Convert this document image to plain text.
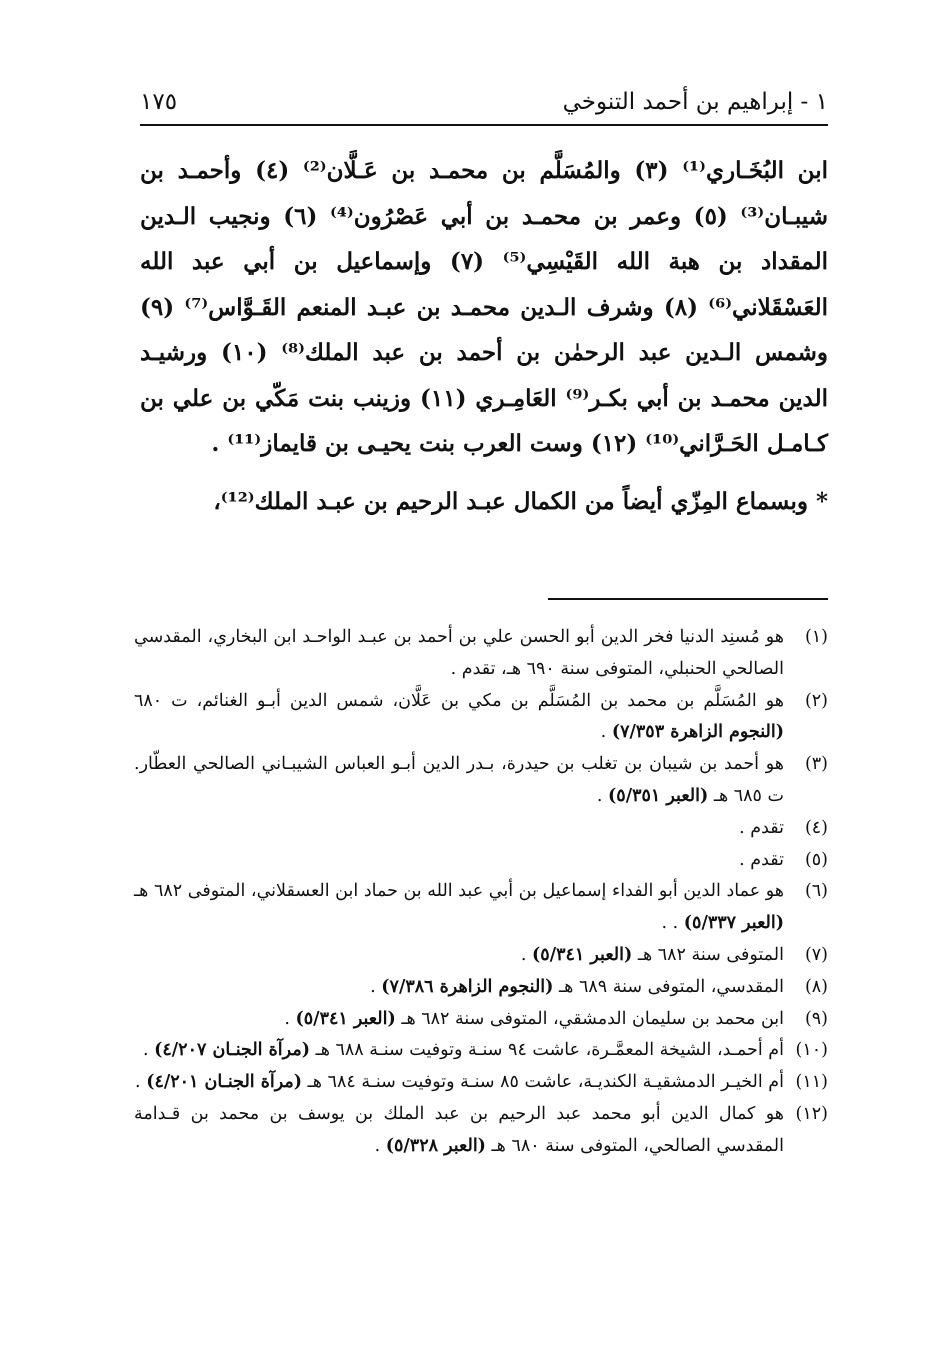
١ - إبراهيم بن أحمد التنوخي
١٧٥

ابن البُخَـاري⁽¹⁾ (٣) والمُسَلَّم بن محمـد بن عَـلَّان⁽²⁾ (٤) وأحمـد بن شيبـان⁽³⁾ (٥) وعمر بن محمـد بن أبي عَصْرُون⁽⁴⁾ (٦) ونجيب الـدين المقداد بن هبة الله القَيْسِي⁽⁵⁾ (٧) وإسماعيل بن أبي عبد الله العَسْقَلاني⁽⁶⁾ (٨) وشرف الـدين محمـد بن عبـد المنعم القَـوَّاس⁽⁷⁾ (٩) وشمس الـدين عبد الرحمٰن بن أحمد بن عبد الملك⁽⁸⁾ (١٠) ورشيـد الدين محمـد بن أبي بكـر⁽⁹⁾ العَامِـري (١١) وزينب بنت مَكّي بن علي بن كـامـل الحَـرَّاني⁽¹⁰⁾ (١٢) وست العرب بنت يحيـى بن قايماز⁽¹¹⁾ .

* وبسماع المِزّي أيضاً من الكمال عبـد الرحيم بن عبـد الملك⁽¹²⁾،

(١)
هو مُسنِد الدنيا فخر الدين أبو الحسن علي بن أحمد بن عبـد الواحـد ابن البخاري، المقدسي الصالحي الحنبلي، المتوفى سنة ٦٩٠ هـ، تقدم .
(٢)
هو المُسَلَّم بن محمد بن المُسَلَّم بن مكي بن عَلَّان، شمس الدين أبـو الغنائم، ت ٦٨٠ (النجوم الزاهرة ٧/٣٥٣) .
(٣)
هو أحمد بن شيبان بن تغلب بن حيدرة، بـدر الدين أبـو العباس الشيبـاني الصالحي العطّار. ت ٦٨٥ هـ (العبر ٥/٣٥١) .
(٤)
تقدم .
(٥)
تقدم .
(٦)
هو عماد الدين أبو الفداء إسماعيل بن أبي عبد الله بن حماد ابن العسقلاني، المتوفى ٦٨٢ هـ (العبر ٥/٣٣٧) . .
(٧)
المتوفى سنة ٦٨٢ هـ (العبر ٥/٣٤١) .
(٨)
المقدسي، المتوفى سنة ٦٨٩ هـ (النجوم الزاهرة ٧/٣٨٦) .
(٩)
ابن محمد بن سليمان الدمشقي، المتوفى سنة ٦٨٢ هـ (العبر ٥/٣٤١) .
(١٠)
أم أحمـد، الشيخة المعمَّـرة، عاشت ٩٤ سنـة وتوفيت سنـة ٦٨٨ هـ (مرآة الجنـان ٤/٢٠٧) .
(١١)
أم الخيـر الدمشقيـة الكنديـة، عاشت ٨٥ سنـة وتوفيت سنـة ٦٨٤ هـ (مرآة الجنـان ٤/٢٠١) .
(١٢)
هو كمال الدين أبو محمد عبد الرحيم بن عبد الملك بن يوسف بن محمد بن قـدامة المقدسي الصالحي، المتوفى سنة ٦٨٠ هـ (العبر ٥/٣٢٨) .
